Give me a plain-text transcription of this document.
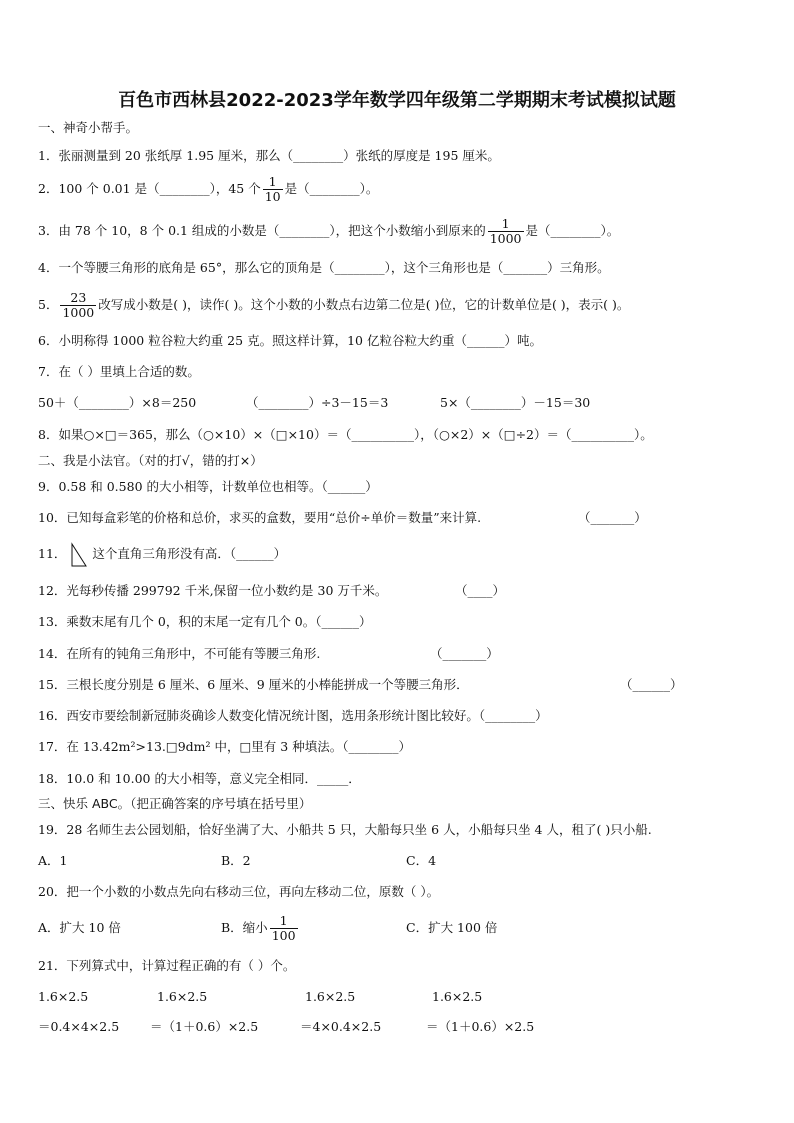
百色市西林县2022-2023学年数学四年级第二学期期末考试模拟试题
一、神奇小帮手。
1．张丽测量到 20 张纸厚 1.95 厘米，那么（________）张纸的厚度是 195 厘米。
2．100 个 0.01 是（________），45 个 $\frac{1}{10}$ 是（________）。
3．由 78 个 10，8 个 0.1 组成的小数是（________），把这个小数缩小到原来的 $\frac{1}{1000}$ 是（________）。
4．一个等腰三角形的底角是 65°，那么它的顶角是（________），这个三角形也是（_______）三角形。
5． $\frac{23}{1000}$ 改写成小数是( )，读作( )。这个小数的小数点右边第二位是( )位，它的计数单位是( )，表示( )。
6．小明称得 1000 粒谷粒大约重 25 克。照这样计算，10 亿粒谷粒大约重（______）吨。
7．在（ ）里填上合适的数。
50＋（________）×8＝250	（________）÷3－15＝3	5×（________）－15＝30
8．如果○×□＝365，那么（○×10）×（□×10）＝（__________），（○×2）×（□÷2）＝（__________）。
二、我是小法官。（对的打√，错的打×）
9．0.58 和 0.580 的大小相等，计数单位也相等。（______）
10．已知每盒彩笔的价格和总价，求买的盒数，要用“总价÷单价＝数量”来计算.	（_______）
11． 这个直角三角形没有高．（______）
12．光每秒传播 299792 千米,保留一位小数约是 30 万千米。	（____）
13．乘数末尾有几个 0，积的末尾一定有几个 0。（______）
14．在所有的钝角三角形中，不可能有等腰三角形.	（_______）
15．三根长度分别是 6 厘米、6 厘米、9 厘米的小棒能拼成一个等腰三角形．	（______）
16．西安市要绘制新冠肺炎确诊人数变化情况统计图，选用条形统计图比较好。（________）
17．在 13.42m²>13.□9dm² 中，□里有 3 种填法。（________）
18．10.0 和 10.00 的大小相等，意义完全相同．_____．
三、快乐 ABC。（把正确答案的序号填在括号里）
19．28 名师生去公园划船，恰好坐满了大、小船共 5 只，大船每只坐 6 人，小船每只坐 4 人，租了( )只小船.
A．1	B．2	C．4
20．把一个小数的小数点先向右移动三位，再向左移动二位，原数（ ）。
A．扩大 10 倍	B．缩小 $\frac{1}{100}$	C．扩大 100 倍
21．下列算式中，计算过程正确的有（ ）个。
1.6×2.5	1.6×2.5	1.6×2.5	1.6×2.5
＝0.4×4×2.5 ＝（1＋0.6）×2.5	＝4×0.4×2.5	＝（1＋0.6）×2.5
